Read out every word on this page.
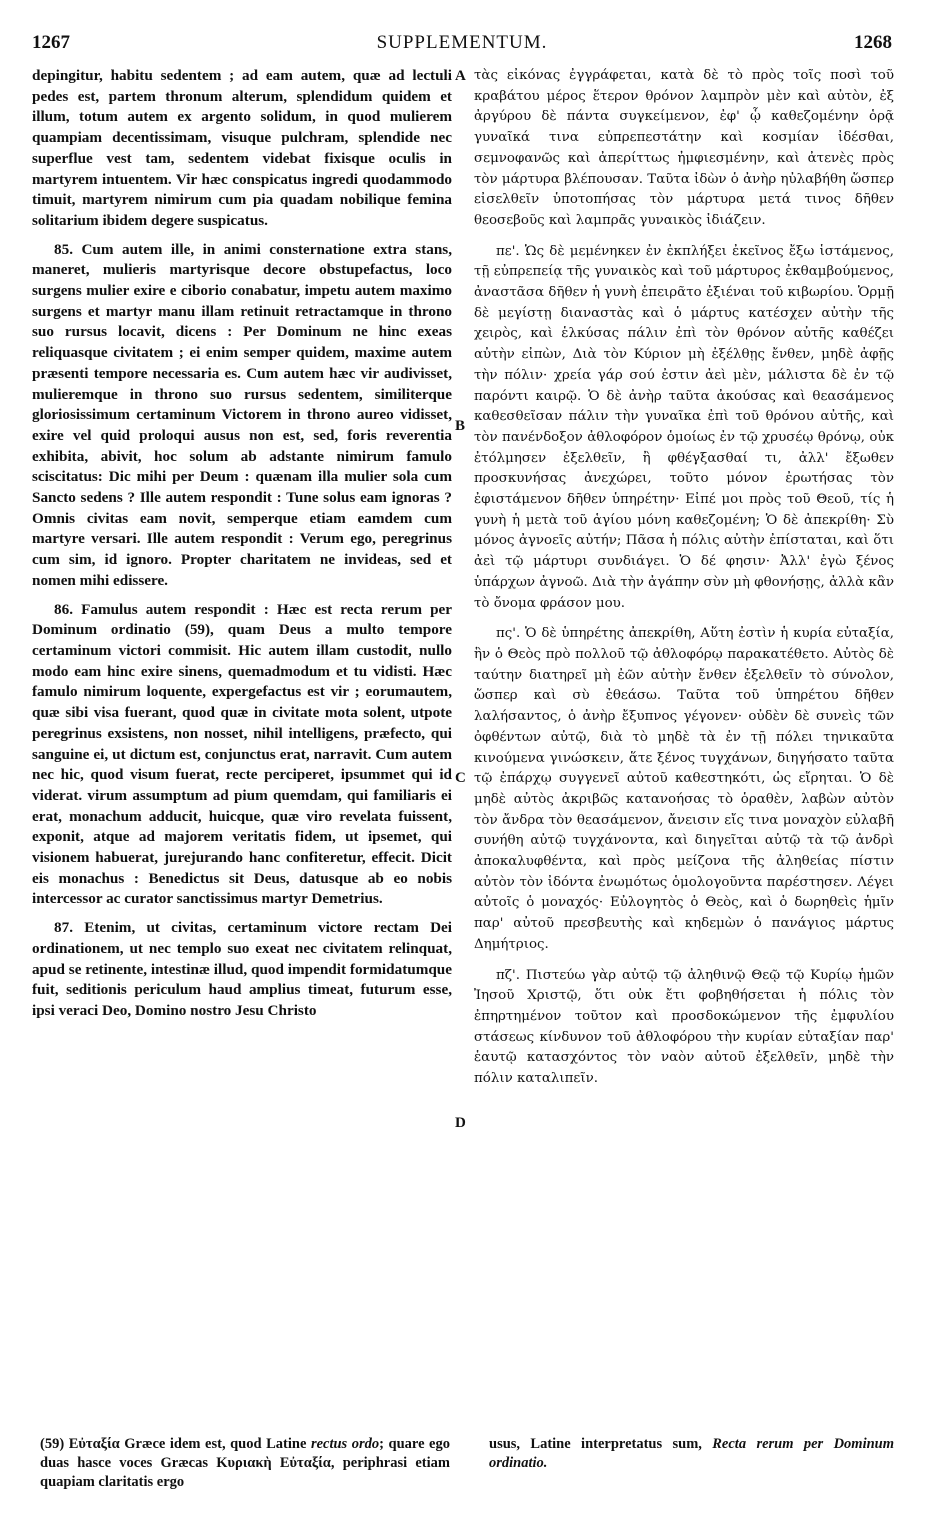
1267	SUPPLEMENTUM.	1268

depingitur, habitu sedentem ; ad eam autem, quæ ad lectuli pedes est, partem thronum alterum, splendidum quidem et illum, totum autem ex argento solidum, in quod mulierem quampiam decentissimam, visuque pulchram, splendide nec superflue vest tam, sedentem videbat fixisque oculis in martyrem intuentem. Vir hæc conspicatus ingredi quodammodo timuit, martyrem nimirum cum pia quadam nobilique femina solitarium ibidem degere suspicatus.

85. Cum autem ille, in animi consternatione extra stans, maneret, mulieris martyrisque decore obstupefactus, loco surgens mulier exire e ciborio conabatur, impetu autem maximo surgens et martyr manu illam retinuit retractamque in throno suo rursus locavit, dicens : Per Dominum ne hinc exeas reliquasque civitatem ; ei enim semper quidem, maxime autem præsenti tempore necessaria es. Cum autem hæc vir audivisset, mulieremque in throno suo rursus sedentem, similiterque gloriosissimum certaminum Victorem in throno aureo vidisset, exire vel quid proloqui ausus non est, sed, foris reverentia exhibita, abivit, hoc solum ab adstante nimirum famulo sciscitatus: Dic mihi per Deum : quænam illa mulier sola cum Sancto sedens ? Ille autem respondit : Tune solus eam ignoras ? Omnis civitas eam novit, semperque etiam eamdem cum martyre versari. Ille autem respondit : Verum ego, peregrinus cum sim, id ignoro. Propter charitatem ne invideas, sed et nomen mihi edissere.

86. Famulus autem respondit : Hæc est recta rerum per Dominum ordinatio (59), quam Deus a multo tempore certaminum victori commisit. Hic autem illam custodit, nullo modo eam hinc exire sinens, quemadmodum et tu vidisti. Hæc famulo nimirum loquente, expergefactus est vir ; eorumautem, quæ sibi visa fuerant, quod quæ in civitate mota solent, utpote peregrinus exsistens, non nosset, nihil intelligens, præfecto, qui sanguine ei, ut dictum est, conjunctus erat, narravit. Cum autem nec hic, quod visum fuerat, recte perciperet, ipsummet qui id viderat. virum assumptum ad pium quemdam, qui familiaris ei erat, monachum adducit, huicque, quæ viro revelata fuissent, exponit, atque ad majorem veritatis fidem, ut ipsemet, qui visionem habuerat, jurejurando hanc confiteretur, effecit. Dicit eis monachus : Benedictus sit Deus, datusque ab eo nobis intercessor ac curator sanctissimus martyr Demetrius.

87. Etenim, ut civitas, certaminum victore rectam Dei ordinationem, ut nec templo suo exeat nec civitatem relinquat, apud se retinente, intestinæ illud, quod impendit formidatumque fuit, seditionis periculum haud amplius timeat, futurum esse, ipsi veraci Deo, Domino nostro Jesu Christo

A
B
C
D

τὰς εἰκόνας ἐγγράφεται, κατὰ δὲ τὸ πρὸς τοῖς ποσὶ τοῦ κραβάτου μέρος ἕτερον θρόνον λαμπρὸν μὲν καὶ αὐτὸν, ἐξ ἀργύρου δὲ πάντα συγκείμενον, ἐφ' ᾧ καθεζομένην ὁρᾷ γυναῖκά τινα εὐπρεπεστάτην καὶ κοσμίαν ἰδέσθαι, σεμνοφανῶς καὶ ἀπερίττως ἠμφιεσμένην, καὶ ἀτενὲς πρὸς τὸν μάρτυρα βλέπουσαν. Ταῦτα ἰδὼν ὁ ἀνὴρ ηὐλαβήθη ὥσπερ εἰσελθεῖν ὑποτοπήσας τὸν μάρτυρα μετά τινος δῆθεν θεοσεβοῦς καὶ λαμπρᾶς γυναικὸς ἰδιάζειν.

πε'. Ὡς δὲ μεμένηκεν ἐν ἐκπλήξει ἐκεῖνος ἔξω ἱστάμενος, τῇ εὐπρεπείᾳ τῆς γυναικὸς καὶ τοῦ μάρτυρος ἐκθαμβούμενος, ἀναστᾶσα δῆθεν ἡ γυνὴ ἐπειρᾶτο ἐξιέναι τοῦ κιβωρίου. Ὁρμῇ δὲ μεγίστῃ διαναστὰς καὶ ὁ μάρτυς κατέσχεν αὐτὴν τῆς χειρὸς, καὶ ἑλκύσας πάλιν ἐπὶ τὸν θρόνον αὐτῆς καθέζει αὐτὴν εἰπὼν, Διὰ τὸν Κύριον μὴ ἐξέλθῃς ἔνθεν, μηδὲ ἀφῇς τὴν πόλιν· χρεία γάρ σού ἐστιν ἀεὶ μὲν, μάλιστα δὲ ἐν τῷ παρόντι καιρῷ. Ὁ δὲ ἀνὴρ ταῦτα ἀκούσας καὶ θεασάμενος καθεσθεῖσαν πάλιν τὴν γυναῖκα ἐπὶ τοῦ θρόνου αὐτῆς, καὶ τὸν πανένδοξον ἀθλοφόρον ὁμοίως ἐν τῷ χρυσέῳ θρόνῳ, οὐκ ἐτόλμησεν ἐξελθεῖν, ἢ φθέγξασθαί τι, ἀλλ' ἔξωθεν προσκυνήσας ἀνεχώρει, τοῦτο μόνον ἐρωτήσας τὸν ἐφιστάμενον δῆθεν ὑπηρέτην· Εἰπέ μοι πρὸς τοῦ Θεοῦ, τίς ἡ γυνὴ ἡ μετὰ τοῦ ἁγίου μόνη καθεζομένη; Ὁ δὲ ἀπεκρίθη· Σὺ μόνος ἀγνοεῖς αὐτήν; Πᾶσα ἡ πόλις αὐτὴν ἐπίσταται, καὶ ὅτι ἀεὶ τῷ μάρτυρι συνδιάγει. Ὁ δέ φησιν· Ἀλλ' ἐγὼ ξένος ὑπάρχων ἀγνοῶ. Διὰ τὴν ἀγάπην σὺν μὴ φθονήσῃς, ἀλλὰ κἂν τὸ ὄνομα φράσον μου.

πς'. Ὁ δὲ ὑπηρέτης ἀπεκρίθη, Αὕτη ἐστὶν ἡ κυρία εὐταξία, ἣν ὁ Θεὸς πρὸ πολλοῦ τῷ ἀθλοφόρῳ παρακατέθετο. Αὐτὸς δὲ ταύτην διατηρεῖ μὴ ἐῶν αὐτὴν ἔνθεν ἐξελθεῖν τὸ σύνολον, ὥσπερ καὶ σὺ ἐθεάσω. Ταῦτα τοῦ ὑπηρέτου δῆθεν λαλήσαντος, ὁ ἀνὴρ ἔξυπνος γέγονεν· οὐδὲν δὲ συνεὶς τῶν ὀφθέντων αὐτῷ, διὰ τὸ μηδὲ τὰ ἐν τῇ πόλει τηνικαῦτα κινούμενα γινώσκειν, ἅτε ξένος τυγχάνων, διηγήσατο ταῦτα τῷ ἐπάρχῳ συγγενεῖ αὐτοῦ καθεστηκότι, ὡς εἴρηται. Ὁ δὲ μηδὲ αὐτὸς ἀκριβῶς κατανοήσας τὸ ὁραθὲν, λαβὼν αὐτὸν τὸν ἄνδρα τὸν θεασάμενον, ἄνεισιν εἴς τινα μοναχὸν εὐλαβῆ συνήθη αὐτῷ τυγχάνοντα, καὶ διηγεῖται αὐτῷ τὰ τῷ ἀνδρὶ ἀποκαλυφθέντα, καὶ πρὸς μείζονα τῆς ἀληθείας πίστιν αὐτὸν τὸν ἰδόντα ἐνωμότως ὁμολογοῦντα παρέστησεν. Λέγει αὐτοῖς ὁ μοναχός· Εὐλογητὸς ὁ Θεὸς, καὶ ὁ δωρηθεὶς ἡμῖν παρ' αὐτοῦ πρεσβευτὴς καὶ κηδεμὼν ὁ πανάγιος μάρτυς Δημήτριος.

πζ'. Πιστεύω γὰρ αὐτῷ τῷ ἀληθινῷ Θεῷ τῷ Κυρίῳ ἡμῶν Ἰησοῦ Χριστῷ, ὅτι οὐκ ἔτι φοβηθήσεται ἡ πόλις τὸν ἐπηρτημένον τοῦτον καὶ προσδοκώμενον τῆς ἐμφυλίου στάσεως κίνδυνον τοῦ ἀθλοφόρου τὴν κυρίαν εὐταξίαν παρ' ἑαυτῷ κατασχόντος τὸν ναὸν αὐτοῦ ἐξελθεῖν, μηδὲ τὴν πόλιν καταλιπεῖν.

(59) Εὐταξία Græce idem est, quod Latine rectus ordo; quare ego duas hasce voces Græcas Κυριακὴ Εὐταξία, periphrasi etiam quapiam claritatis ergo
usus, Latine interpretatus sum, Recta rerum per Dominum ordinatio.
